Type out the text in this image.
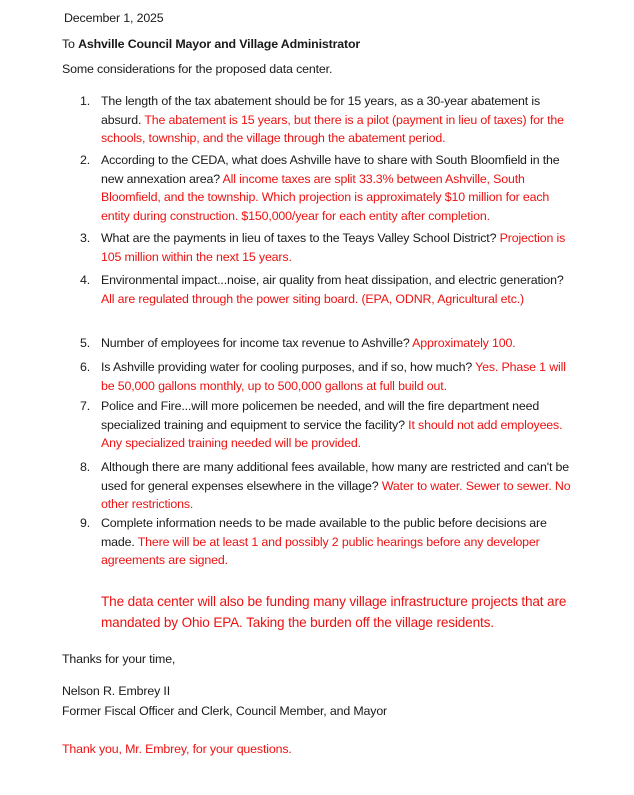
December 1, 2025
To Ashville Council Mayor and Village Administrator
Some considerations for the proposed data center.
1. The length of the tax abatement should be for 15 years, as a 30-year abatement is absurd. The abatement is 15 years, but there is a pilot (payment in lieu of taxes) for the schools, township, and the village through the abatement period.
2. According to the CEDA, what does Ashville have to share with South Bloomfield in the new annexation area? All income taxes are split 33.3% between Ashville, South Bloomfield, and the township. Which projection is approximately $10 million for each entity during construction. $150,000/year for each entity after completion.
3. What are the payments in lieu of taxes to the Teays Valley School District? Projection is 105 million within the next 15 years.
4. Environmental impact...noise, air quality from heat dissipation, and electric generation? All are regulated through the power siting board. (EPA, ODNR, Agricultural etc.)
5. Number of employees for income tax revenue to Ashville? Approximately 100.
6. Is Ashville providing water for cooling purposes, and if so, how much? Yes. Phase 1 will be 50,000 gallons monthly, up to 500,000 gallons at full build out.
7. Police and Fire...will more policemen be needed, and will the fire department need specialized training and equipment to service the facility? It should not add employees. Any specialized training needed will be provided.
8. Although there are many additional fees available, how many are restricted and can't be used for general expenses elsewhere in the village? Water to water. Sewer to sewer. No other restrictions.
9. Complete information needs to be made available to the public before decisions are made. There will be at least 1 and possibly 2 public hearings before any developer agreements are signed.
The data center will also be funding many village infrastructure projects that are mandated by Ohio EPA. Taking the burden off the village residents.
Thanks for your time,
Nelson R. Embrey II
Former Fiscal Officer and Clerk, Council Member, and Mayor
Thank you, Mr. Embrey, for your questions.
